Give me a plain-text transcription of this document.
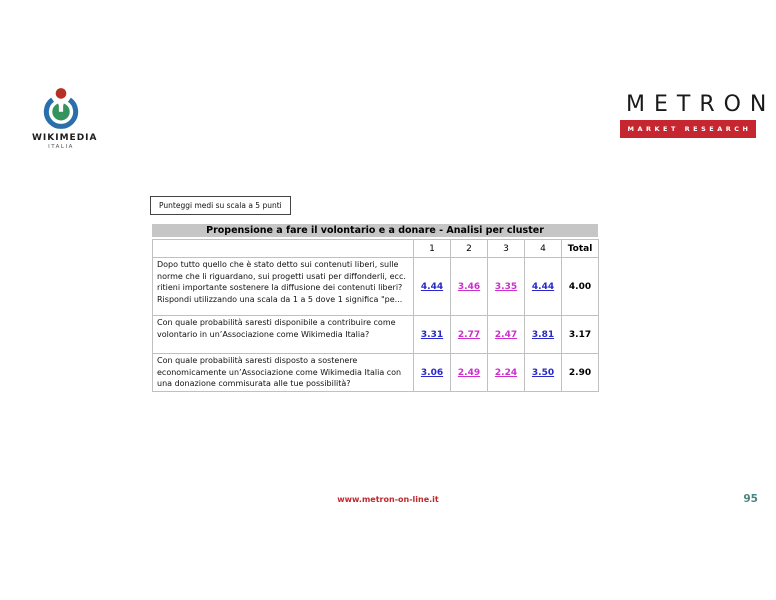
WIKIMEDIA
ITALIA
METRON
MARKET RESEARCH
Punteggi medi su scala a 5 punti
Propensione a fare il volontario e a donare - Analisi per cluster
	1	2	3	4	Total
Dopo tutto quello che è stato detto sui contenuti liberi, sulle norme che li riguardano, sui progetti usati per diffonderli, ecc. ritieni importante sostenere la diffusione dei contenuti liberi? Rispondi utilizzando una scala da 1 a 5 dove 1 significa "pe...	4.44	3.46	3.35	4.44	4.00
Con quale probabilità saresti disponibile a contribuire come volontario in un’Associazione come Wikimedia Italia?	3.31	2.77	2.47	3.81	3.17
Con quale probabilità saresti disposto a sostenere economicamente un’Associazione come Wikimedia Italia con una donazione commisurata alle tue possibilità?	3.06	2.49	2.24	3.50	2.90
www.metron-on-line.it	95
